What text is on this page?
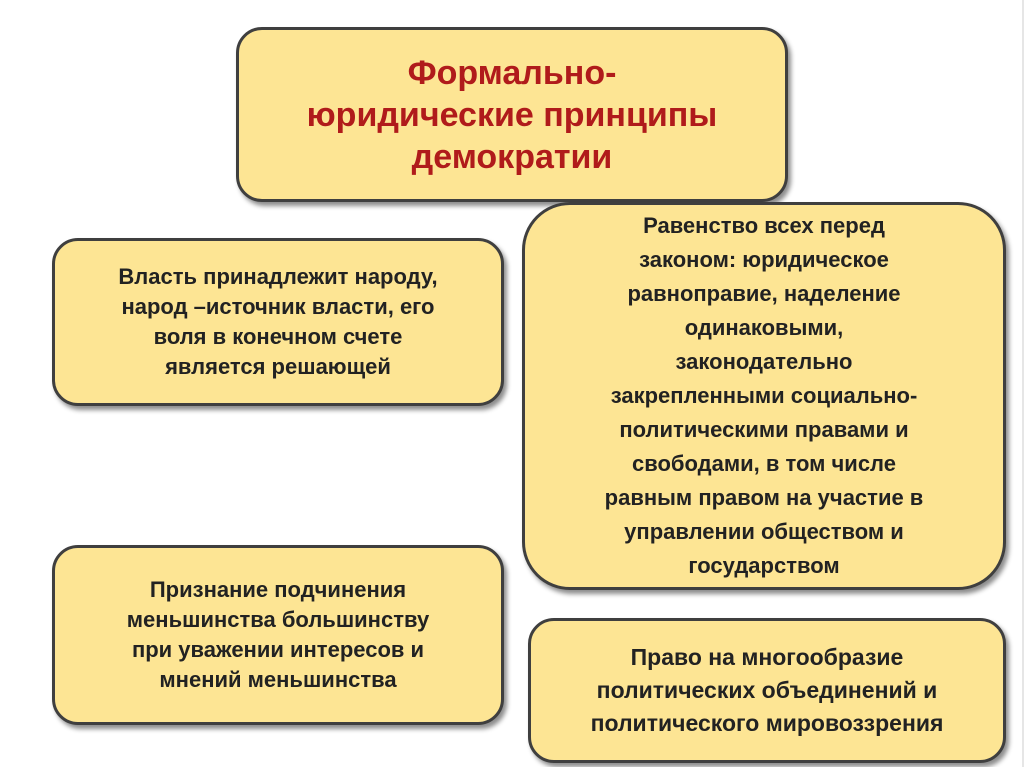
Формально-
юридические принципы
демократии
Власть принадлежит народу,
народ –источник власти, его
воля в конечном счете
является решающей
Равенство всех перед
законом: юридическое
равноправие, наделение
одинаковыми,
законодательно
закрепленными социально-
политическими правами и
свободами, в том числе
равным правом на участие в
управлении обществом и
государством
Признание подчинения
меньшинства большинству
при уважении интересов и
мнений меньшинства
Право на многообразие
политических объединений и
политического мировоззрения
